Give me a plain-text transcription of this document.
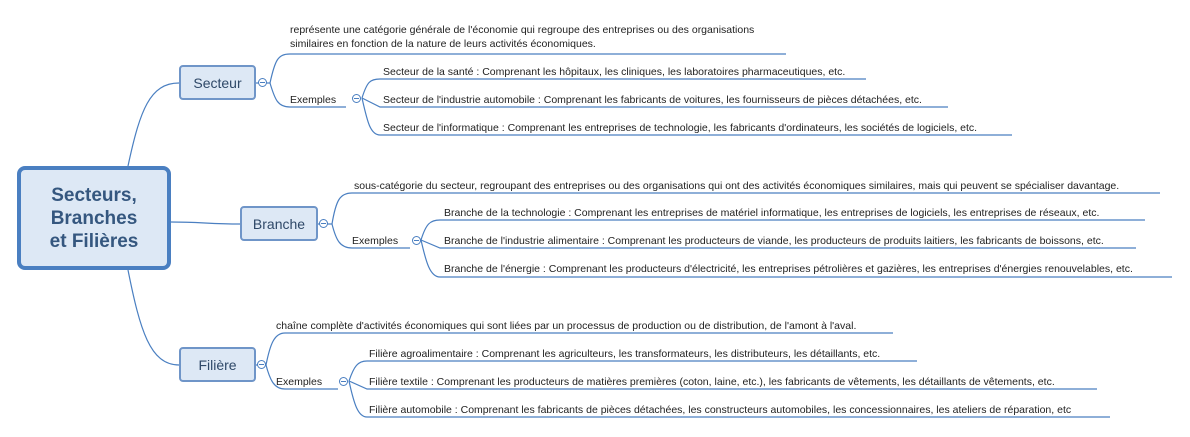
Secteurs,
Branches
et Filières
Secteur
représente une catégorie générale de l'économie qui regroupe des entreprises ou des organisations similaires en fonction de la nature de leurs activités économiques.
Exemples
Secteur de la santé : Comprenant les hôpitaux, les cliniques, les laboratoires pharmaceutiques, etc.
Secteur de l'industrie automobile : Comprenant les fabricants de voitures, les fournisseurs de pièces détachées, etc.
Secteur de l'informatique : Comprenant les entreprises de technologie, les fabricants d'ordinateurs, les sociétés de logiciels, etc.
Branche
sous-catégorie du secteur, regroupant des entreprises ou des organisations qui ont des activités économiques similaires, mais qui peuvent se spécialiser davantage.
Exemples
Branche de la technologie : Comprenant les entreprises de matériel informatique, les entreprises de logiciels, les entreprises de réseaux, etc.
Branche de l'industrie alimentaire : Comprenant les producteurs de viande, les producteurs de produits laitiers, les fabricants de boissons, etc.
Branche de l'énergie : Comprenant les producteurs d'électricité, les entreprises pétrolières et gazières, les entreprises d'énergies renouvelables, etc.
Filière
chaîne complète d'activités économiques qui sont liées par un processus de production ou de distribution, de l'amont à l'aval.
Exemples
Filière agroalimentaire : Comprenant les agriculteurs, les transformateurs, les distributeurs, les détaillants, etc.
Filière textile : Comprenant les producteurs de matières premières (coton, laine, etc.), les fabricants de vêtements, les détaillants de vêtements, etc.
Filière automobile : Comprenant les fabricants de pièces détachées, les constructeurs automobiles, les concessionnaires, les ateliers de réparation, etc
